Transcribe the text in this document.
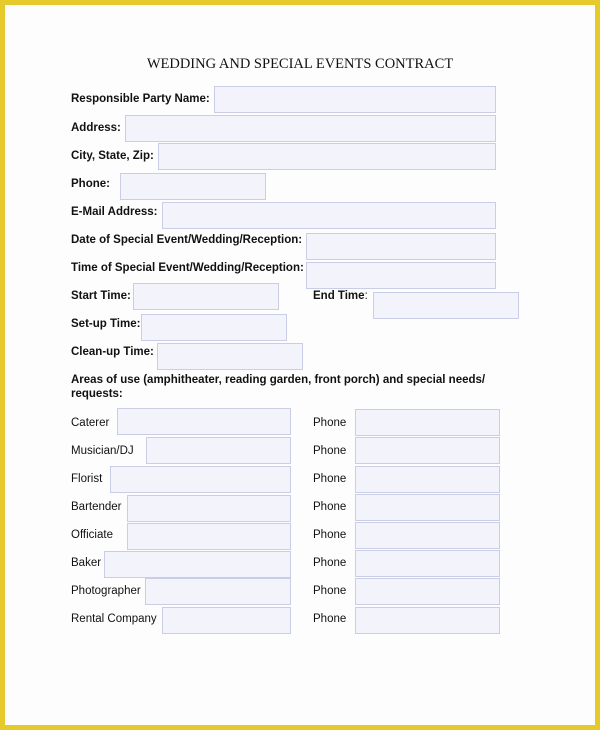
WEDDING AND SPECIAL EVENTS CONTRACT
Responsible Party Name:
Address:
City, State, Zip:
Phone:
E-Mail Address:
Date of Special Event/Wedding/Reception:
Time of Special Event/Wedding/Reception:
Start Time:	End Time:
Set-up Time:
Clean-up Time:
Areas of use (amphitheater, reading garden, front porch) and special needs/
requests:
Caterer	Phone
Musician/DJ	Phone
Florist	Phone
Bartender	Phone
Officiate	Phone
Baker	Phone
Photographer	Phone
Rental Company	Phone
